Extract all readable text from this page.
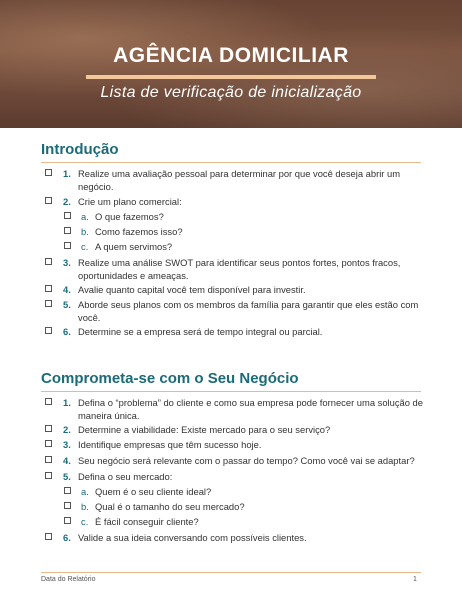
AGÊNCIA DOMICILIAR
Lista de verificação de inicialização
Introdução
1. Realize uma avaliação pessoal para determinar por que você deseja abrir um negócio.
2. Crie um plano comercial:
a. O que fazemos?
b. Como fazemos isso?
c. A quem servimos?
3. Realize uma análise SWOT para identificar seus pontos fortes, pontos fracos, oportunidades e ameaças.
4. Avalie quanto capital você tem disponível para investir.
5. Aborde seus planos com os membros da família para garantir que eles estão com você.
6. Determine se a empresa será de tempo integral ou parcial.
Comprometa-se com o Seu Negócio
1. Defina o “problema” do cliente e como sua empresa pode fornecer uma solução de maneira única.
2. Determine a viabilidade: Existe mercado para o seu serviço?
3. Identifique empresas que têm sucesso hoje.
4. Seu negócio será relevante com o passar do tempo? Como você vai se adaptar?
5. Defina o seu mercado:
a. Quem é o seu cliente ideal?
b. Qual é o tamanho do seu mercado?
c. É fácil conseguir cliente?
6. Valide a sua ideia conversando com possíveis clientes.
Data do Relatório	1
